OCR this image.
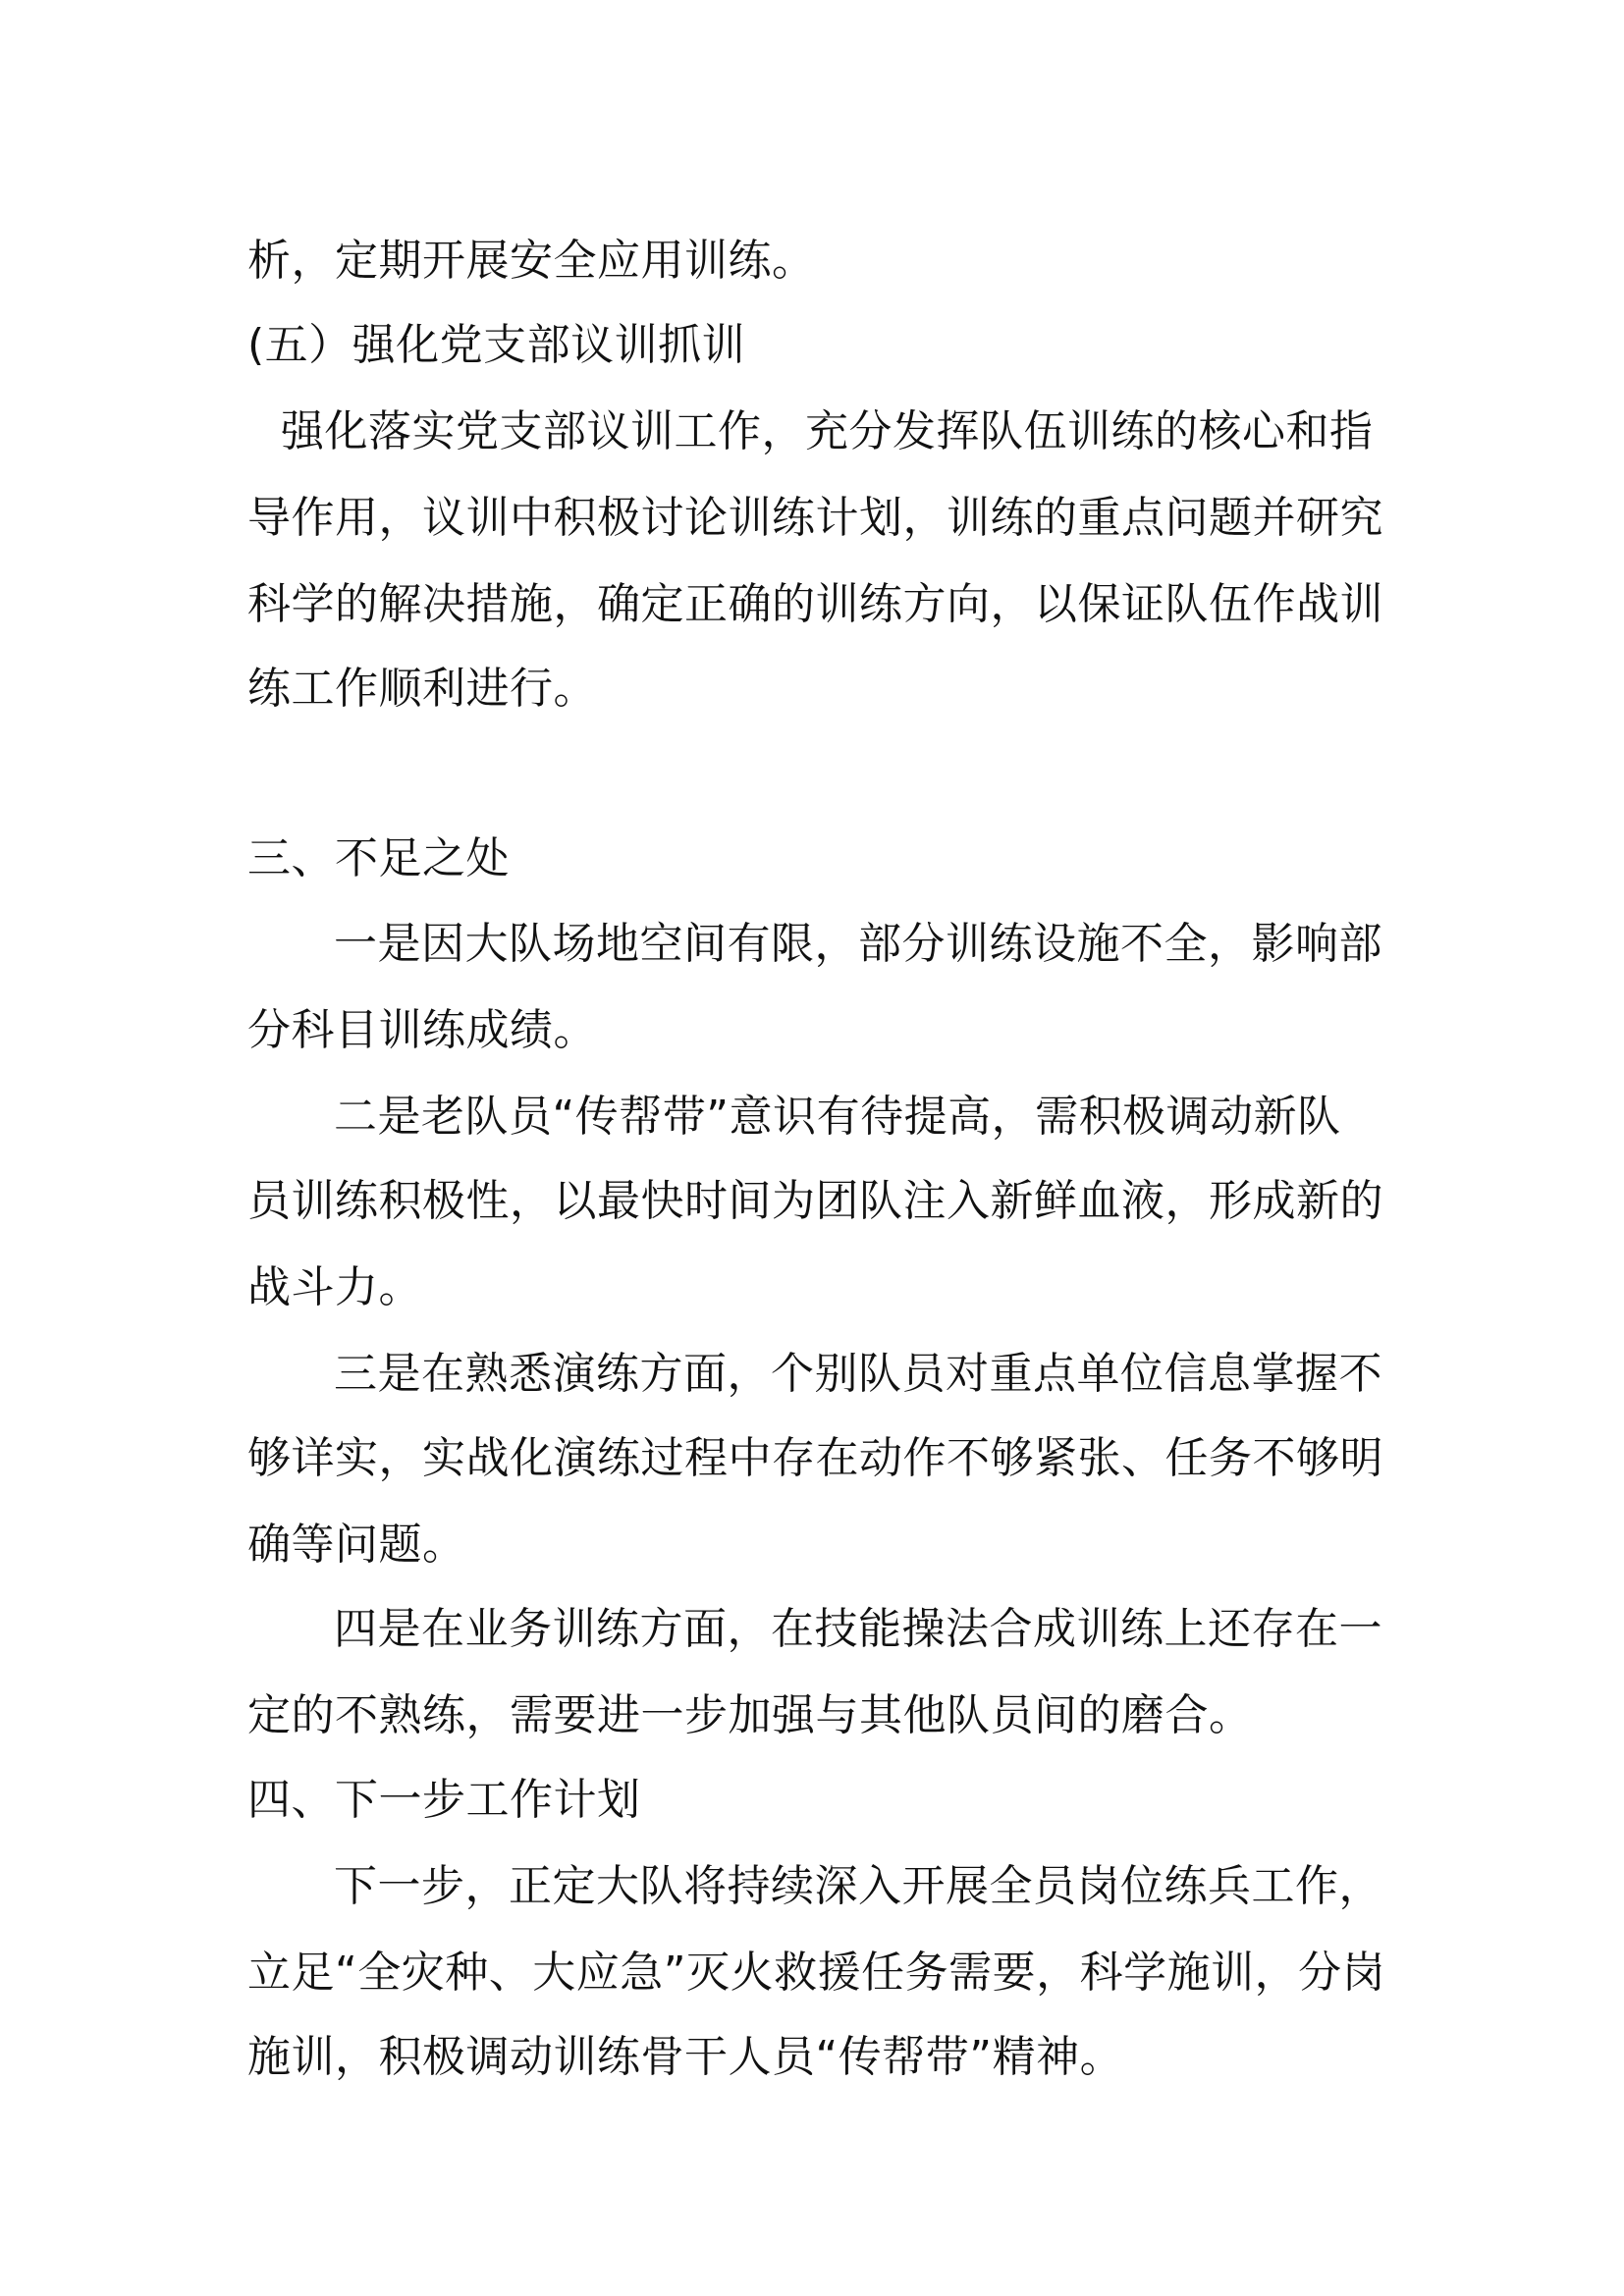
析，定期开展安全应用训练。
(五）强化党支部议训抓训
强化落实党支部议训工作，充分发挥队伍训练的核心和指
导作用，议训中积极讨论训练计划，训练的重点问题并研究
科学的解决措施，确定正确的训练方向，以保证队伍作战训
练工作顺利进行。
三、不足之处
一是因大队场地空间有限，部分训练设施不全，影响部
分科目训练成绩。
二是老队员“传帮带”意识有待提高，需积极调动新队
员训练积极性，以最快时间为团队注入新鲜血液，形成新的
战斗力。
三是在熟悉演练方面，个别队员对重点单位信息掌握不
够详实，实战化演练过程中存在动作不够紧张、任务不够明
确等问题。
四是在业务训练方面，在技能操法合成训练上还存在一
定的不熟练，需要进一步加强与其他队员间的磨合。
四、下一步工作计划
下一步，正定大队将持续深入开展全员岗位练兵工作，
立足“全灾种、大应急”灭火救援任务需要，科学施训，分岗
施训，积极调动训练骨干人员“传帮带”精神。
